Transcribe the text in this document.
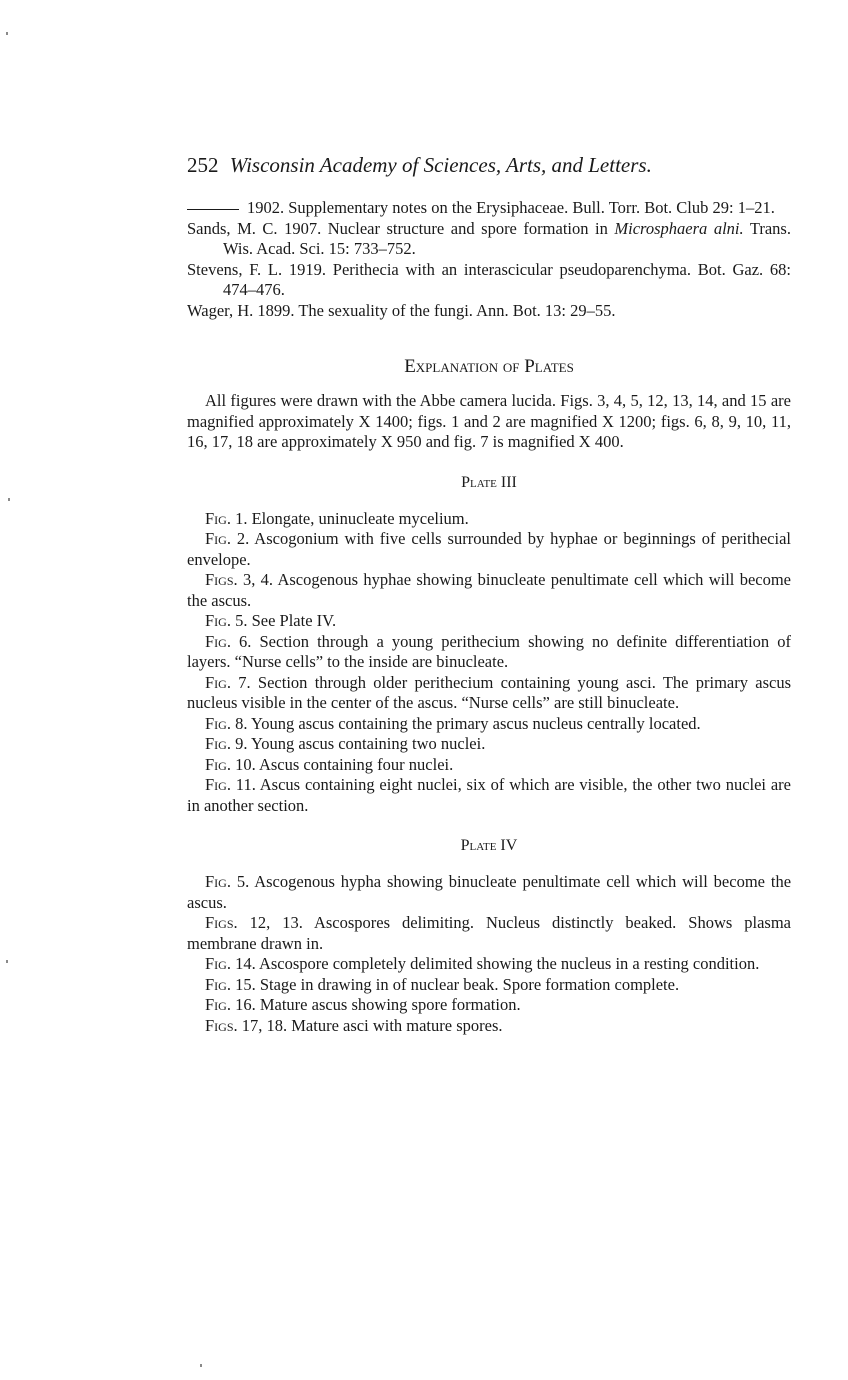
252 Wisconsin Academy of Sciences, Arts, and Letters.
1902. Supplementary notes on the Erysiphaceae. Bull. Torr. Bot. Club 29: 1–21.
Sands, M. C. 1907. Nuclear structure and spore formation in Microsphaera alni. Trans. Wis. Acad. Sci. 15: 733–752.
Stevens, F. L. 1919. Perithecia with an interascicular pseudoparenchyma. Bot. Gaz. 68: 474–476.
Wager, H. 1899. The sexuality of the fungi. Ann. Bot. 13: 29–55.
Explanation of Plates

All figures were drawn with the Abbe camera lucida. Figs. 3, 4, 5, 12, 13, 14, and 15 are magnified approximately X 1400; figs. 1 and 2 are magnified X 1200; figs. 6, 8, 9, 10, 11, 16, 17, 18 are approximately X 950 and fig. 7 is magnified X 400.

Plate III

Fig. 1. Elongate, uninucleate mycelium.

Fig. 2. Ascogonium with five cells surrounded by hyphae or beginnings of perithecial envelope.

Figs. 3, 4. Ascogenous hyphae showing binucleate penultimate cell which will become the ascus.

Fig. 5. See Plate IV.

Fig. 6. Section through a young perithecium showing no definite differentiation of layers. “Nurse cells” to the inside are binucleate.

Fig. 7. Section through older perithecium containing young asci. The primary ascus nucleus visible in the center of the ascus. “Nurse cells” are still binucleate.

Fig. 8. Young ascus containing the primary ascus nucleus centrally located.

Fig. 9. Young ascus containing two nuclei.

Fig. 10. Ascus containing four nuclei.

Fig. 11. Ascus containing eight nuclei, six of which are visible, the other two nuclei are in another section.

Plate IV

Fig. 5. Ascogenous hypha showing binucleate penultimate cell which will become the ascus.

Figs. 12, 13. Ascospores delimiting. Nucleus distinctly beaked. Shows plasma membrane drawn in.

Fig. 14. Ascospore completely delimited showing the nucleus in a resting condition.

Fig. 15. Stage in drawing in of nuclear beak. Spore formation complete.

Fig. 16. Mature ascus showing spore formation.

Figs. 17, 18. Mature asci with mature spores.
